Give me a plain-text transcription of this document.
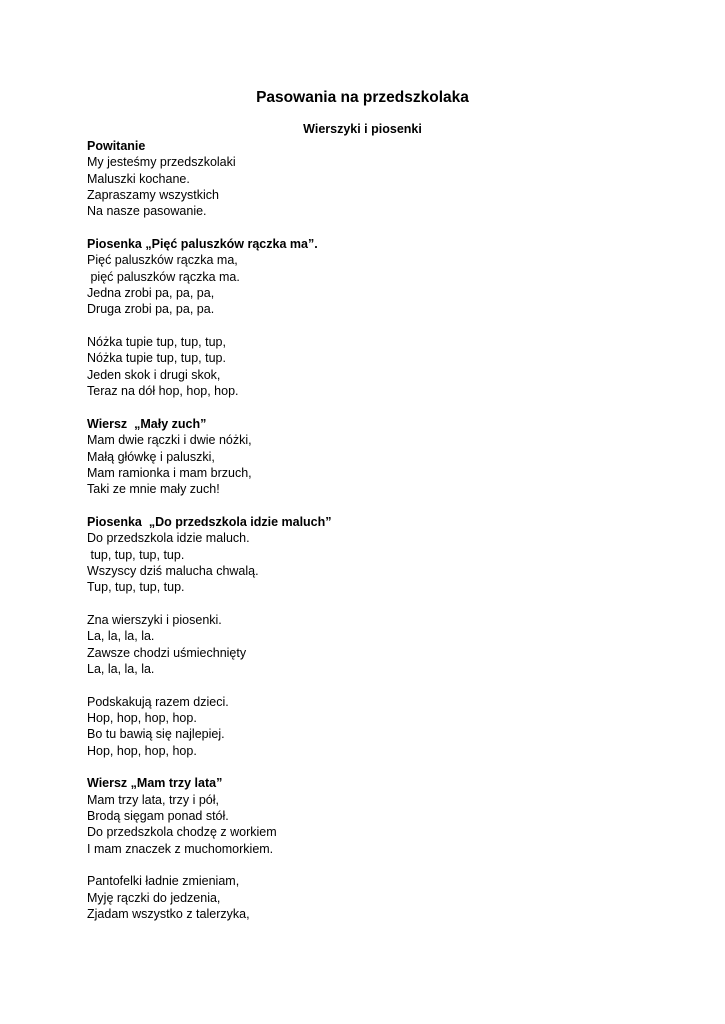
Pasowania na przedszkolaka
Wierszyki i piosenki
Powitanie
My jesteśmy przedszkolaki
Maluszki kochane.
Zapraszamy wszystkich
Na nasze pasowanie.
Piosenka „Pięć paluszków rączka ma”.
Pięć paluszków rączka ma,
pięć paluszków rączka ma.
Jedna zrobi pa, pa, pa,
Druga zrobi pa, pa, pa.
Nóżka tupie tup, tup, tup,
Nóżka tupie tup, tup, tup.
Jeden skok i drugi skok,
Teraz na dół hop, hop, hop.
Wiersz  „Mały zuch”
Mam dwie rączki i dwie nóżki,
Małą główkę i paluszki,
Mam ramionka i mam brzuch,
Taki ze mnie mały zuch!
Piosenka  „Do przedszkola idzie maluch”
Do przedszkola idzie maluch.
tup, tup, tup, tup.
Wszyscy dziś malucha chwalą.
Tup, tup, tup, tup.
Zna wierszyki i piosenki.
La, la, la, la.
Zawsze chodzi uśmiechnięty
La, la, la, la.
Podskakują razem dzieci.
Hop, hop, hop, hop.
Bo tu bawią się najlepiej.
Hop, hop, hop, hop.
Wiersz „Mam trzy lata”
Mam trzy lata, trzy i pół,
Brodą sięgam ponad stół.
Do przedszkola chodzę z workiem
I mam znaczek z muchomorkiem.
Pantofelki ładnie zmieniam,
Myję rączki do jedzenia,
Zjadam wszystko z talerzyka,
